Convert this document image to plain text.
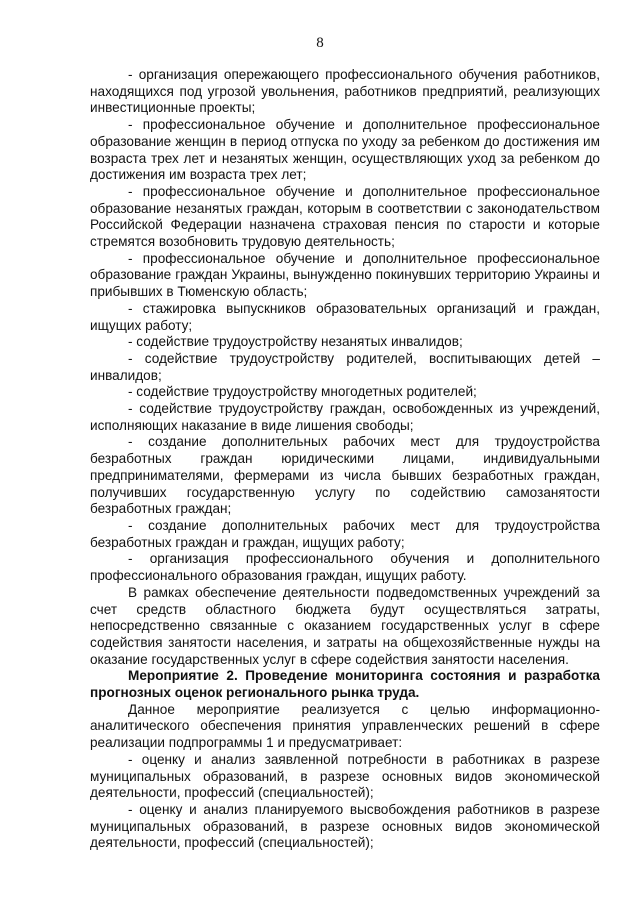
8

- организация опережающего профессионального обучения работников, находящихся под угрозой увольнения, работников предприятий, реализующих инвестиционные проекты;

- профессиональное обучение и дополнительное профессиональное образование женщин в период отпуска по уходу за ребенком до достижения им возраста трех лет и незанятых женщин, осуществляющих уход за ребенком до достижения им возраста трех лет;

- профессиональное обучение и дополнительное профессиональное образование незанятых граждан, которым в соответствии с законодательством Российской Федерации назначена страховая пенсия по старости и которые стремятся возобновить трудовую деятельность;

- профессиональное обучение и дополнительное профессиональное образование граждан Украины, вынужденно покинувших территорию Украины и прибывших в Тюменскую область;

- стажировка выпускников образовательных организаций и граждан, ищущих работу;

- содействие трудоустройству незанятых инвалидов;

- содействие трудоустройству родителей, воспитывающих детей – инвалидов;

- содействие трудоустройству многодетных родителей;

- содействие трудоустройству граждан, освобожденных из учреждений, исполняющих наказание в виде лишения свободы;

- создание дополнительных рабочих мест для трудоустройства безработных граждан юридическими лицами, индивидуальными предпринимателями, фермерами из числа бывших безработных граждан, получивших государственную услугу по содействию самозанятости безработных граждан;

- создание дополнительных рабочих мест для трудоустройства безработных граждан и граждан, ищущих работу;

- организация профессионального обучения и дополнительного профессионального образования граждан, ищущих работу.

В рамках обеспечение деятельности подведомственных учреждений за счет средств областного бюджета будут осуществляться затраты, непосредственно связанные с оказанием государственных услуг в сфере содействия занятости населения, и затраты на общехозяйственные нужды на оказание государственных услуг в сфере содействия занятости населения.

Мероприятие 2. Проведение мониторинга состояния и разработка прогнозных оценок регионального рынка труда.

Данное мероприятие реализуется с целью информационно-аналитического обеспечения принятия управленческих решений в сфере реализации подпрограммы 1 и предусматривает:

- оценку и анализ заявленной потребности в работниках в разрезе муниципальных образований, в разрезе основных видов экономической деятельности, профессий (специальностей);

- оценку и анализ планируемого высвобождения работников в разрезе муниципальных образований, в разрезе основных видов экономической деятельности, профессий (специальностей);
